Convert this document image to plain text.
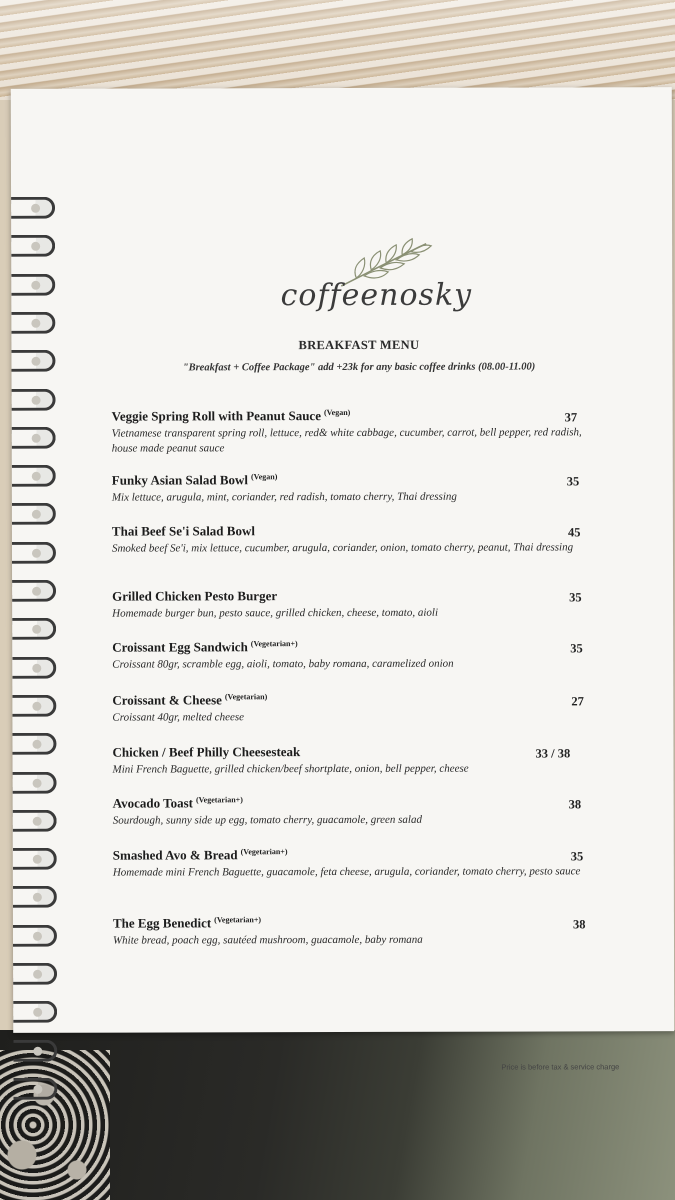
coffeenosky
BREAKFAST MENU
"Breakfast + Coffee Package" add +23k for any basic coffee drinks (08.00-11.00)
Veggie Spring Roll with Peanut Sauce $^{(Vegan)}$
Vietnamese transparent spring roll, lettuce, red& white cabbage, cucumber, carrot, bell pepper, red radish, house made peanut sauce
37
Funky Asian Salad Bowl $^{(Vegan)}$
Mix lettuce, arugula, mint, coriander, red radish, tomato cherry, Thai dressing
35
Thai Beef Se'i Salad Bowl
Smoked beef Se'i, mix lettuce, cucumber, arugula, coriander, onion, tomato cherry, peanut, Thai dressing
45
Grilled Chicken Pesto Burger
Homemade burger bun, pesto sauce, grilled chicken, cheese, tomato, aioli
35
Croissant Egg Sandwich $^{(Vegetarian+)}$
Croissant 80gr, scramble egg, aioli, tomato, baby romana, caramelized onion
35
Croissant & Cheese $^{(Vegetarian)}$
Croissant 40gr, melted cheese
27
Chicken / Beef Philly Cheesesteak
Mini French Baguette, grilled chicken/beef shortplate, onion, bell pepper, cheese
33 / 38
Avocado Toast $^{(Vegetarian+)}$
Sourdough, sunny side up egg, tomato cherry, guacamole, green salad
38
Smashed Avo & Bread $^{(Vegetarian+)}$
Homemade mini French Baguette, guacamole, feta cheese, arugula, coriander, tomato cherry, pesto sauce
35
The Egg Benedict $^{(Vegetarian+)}$
White bread, poach egg, sautéed mushroom, guacamole, baby romana
38
Price is before tax & service charge
